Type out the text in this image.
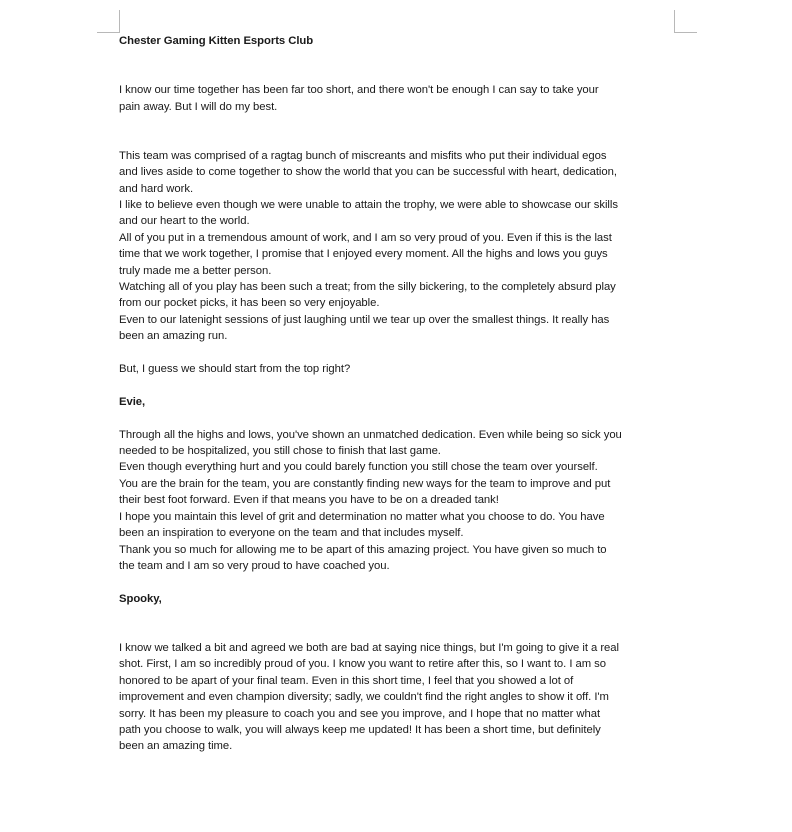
Chester Gaming Kitten Esports Club

I know our time together has been far too short, and there won't be enough I can say to take your

pain away. But I will do my best.

This team was comprised of a ragtag bunch of miscreants and misfits who put their individual egos

and lives aside to come together to show the world that you can be successful with heart, dedication,

and hard work.

I like to believe even though we were unable to attain the trophy, we were able to showcase our skills

and our heart to the world.

All of you put in a tremendous amount of work, and I am so very proud of you. Even if this is the last

time that we work together, I promise that I enjoyed every moment. All the highs and lows you guys

truly made me a better person.

Watching all of you play has been such a treat; from the silly bickering, to the completely absurd play

from our pocket picks, it has been so very enjoyable.

Even to our latenight sessions of just laughing until we tear up over the smallest things. It really has

been an amazing run.

But, I guess we should start from the top right?

Evie,

Through all the highs and lows, you've shown an unmatched dedication. Even while being so sick you

needed to be hospitalized, you still chose to finish that last game.

Even though everything hurt and you could barely function you still chose the team over yourself.

You are the brain for the team, you are constantly finding new ways for the team to improve and put

their best foot forward. Even if that means you have to be on a dreaded tank!

I hope you maintain this level of grit and determination no matter what you choose to do. You have

been an inspiration to everyone on the team and that includes myself.

Thank you so much for allowing me to be apart of this amazing project. You have given so much to

the team and I am so very proud to have coached you.

Spooky,

I know we talked a bit and agreed we both are bad at saying nice things, but I'm going to give it a real

shot. First, I am so incredibly proud of you. I know you want to retire after this, so I want to. I am so

honored to be apart of your final team. Even in this short time, I feel that you showed a lot of

improvement and even champion diversity; sadly, we couldn't find the right angles to show it off. I'm

sorry. It has been my pleasure to coach you and see you improve, and I hope that no matter what

path you choose to walk, you will always keep me updated! It has been a short time, but definitely

been an amazing time.
